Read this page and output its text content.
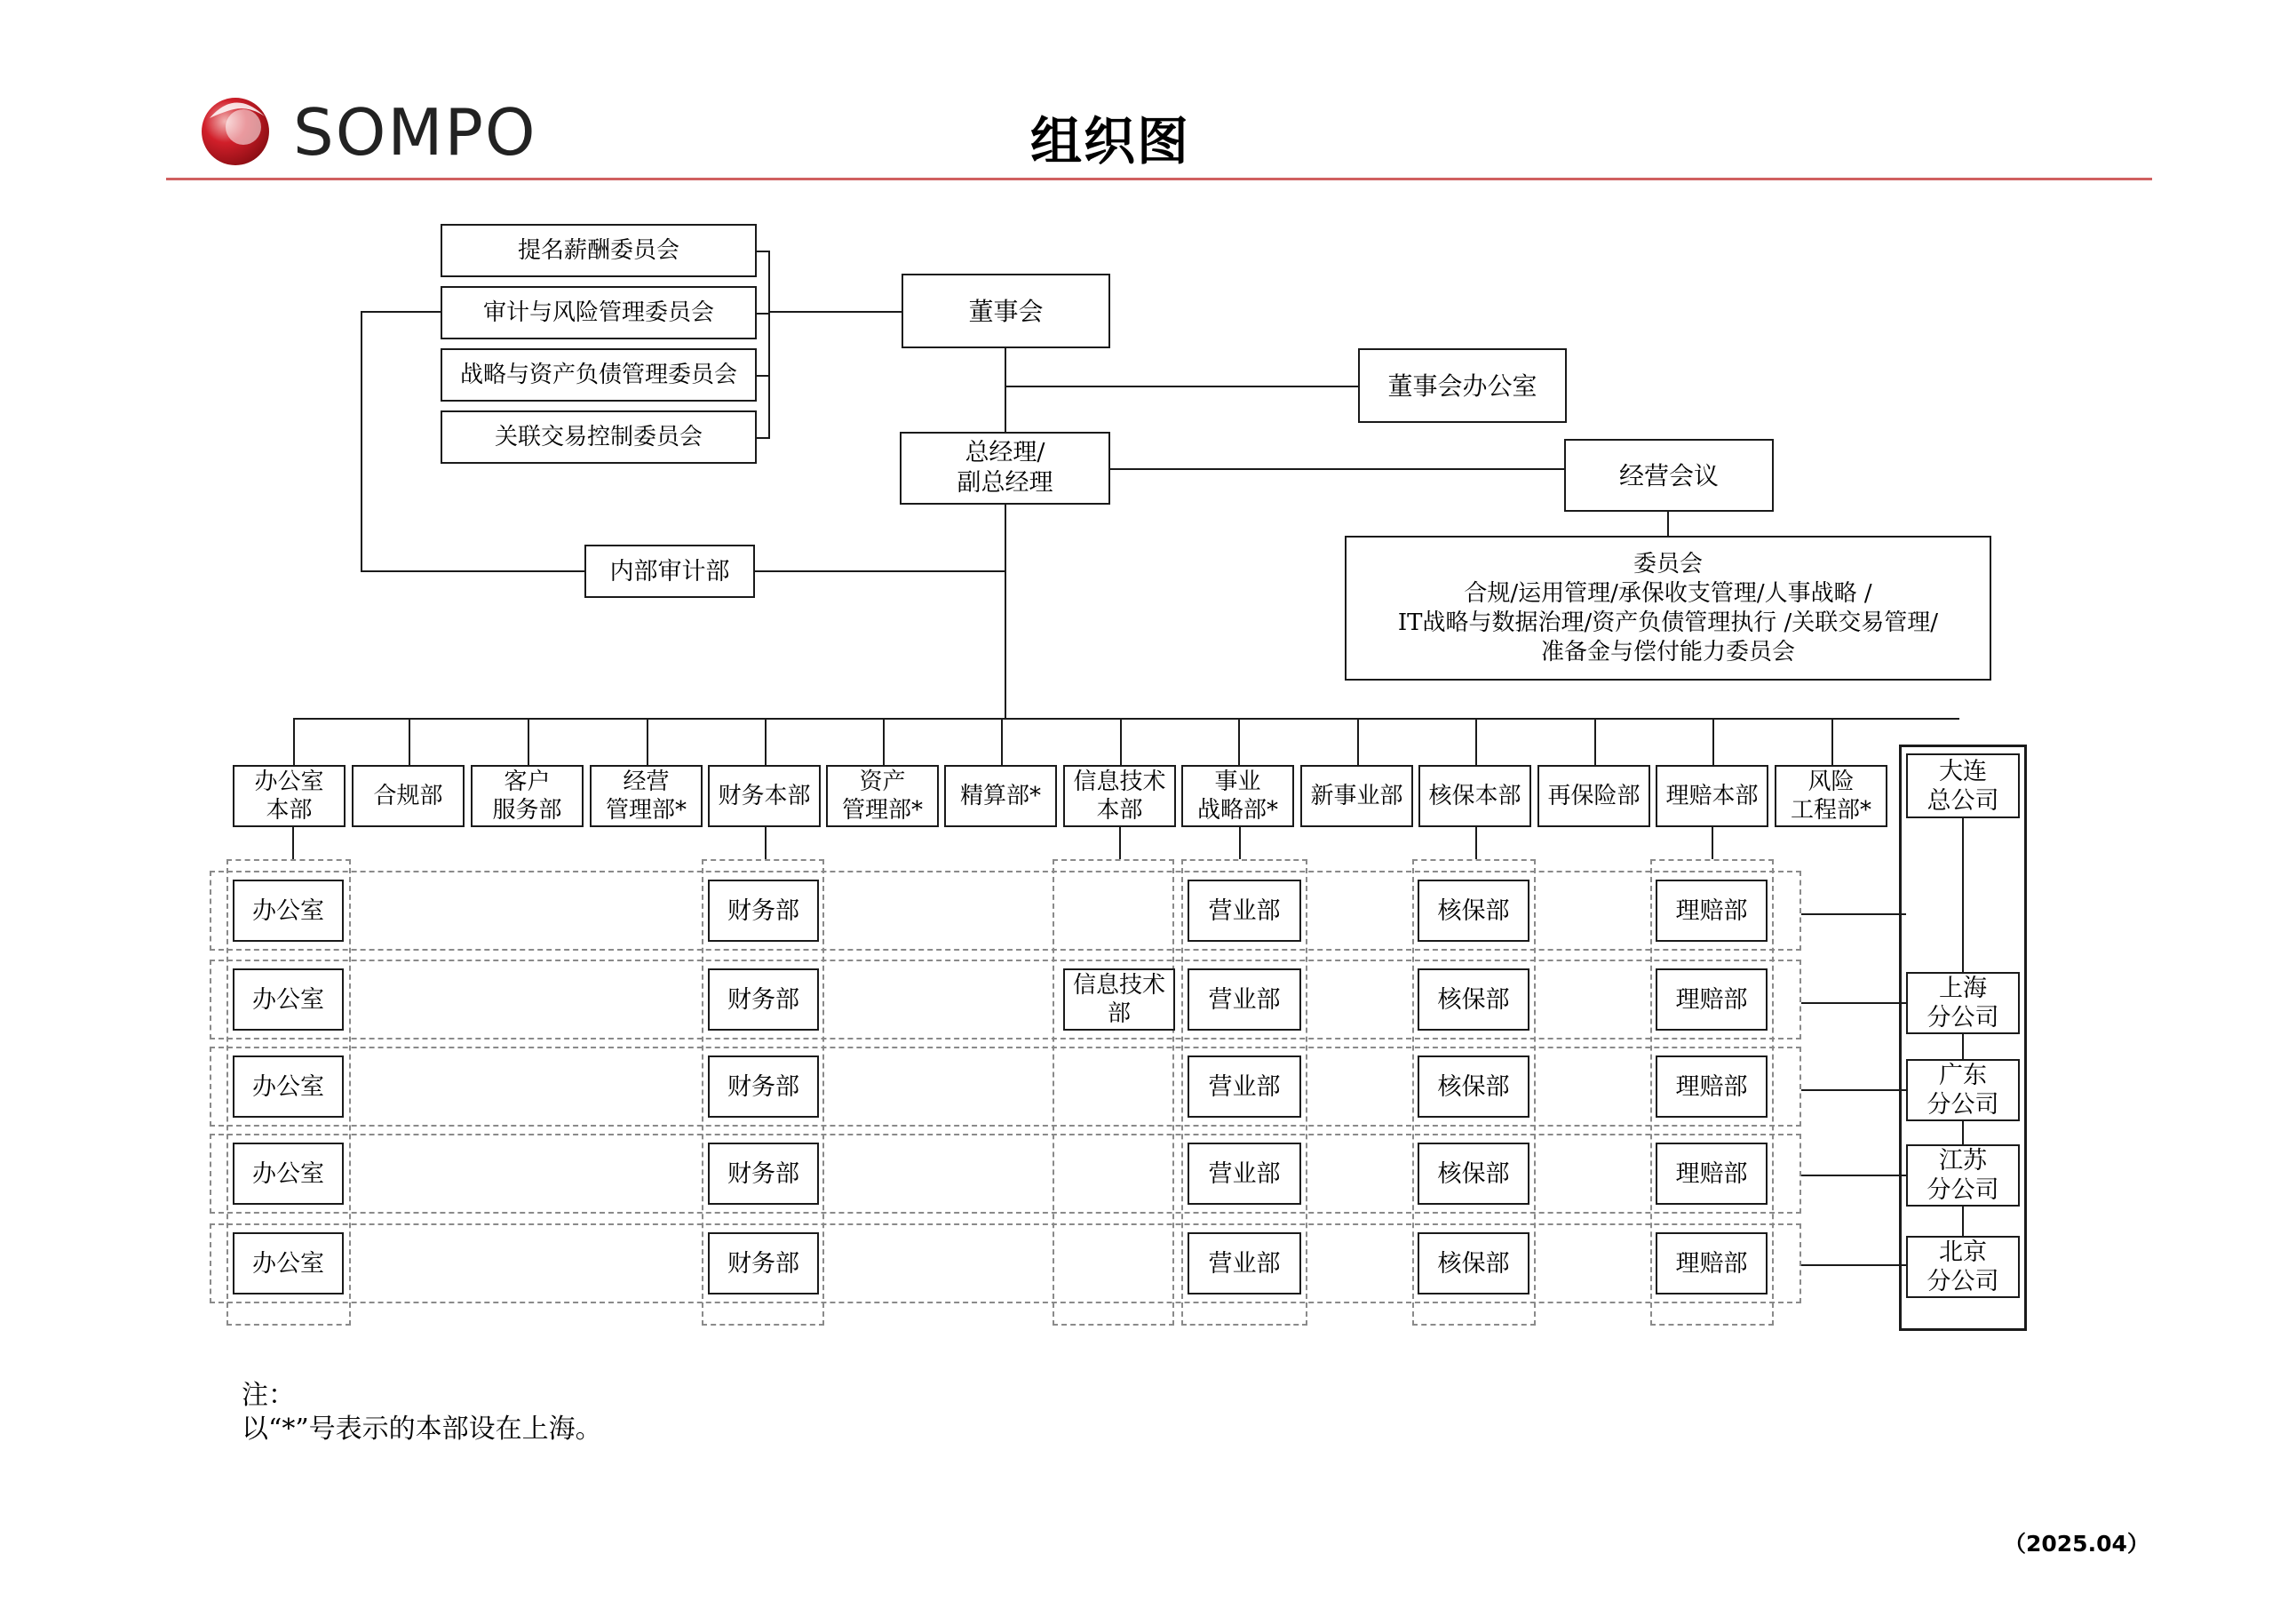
SOMPO	组织图
提名薪酬委员会
审计与风险管理委员会
战略与资产负债管理委员会
关联交易控制委员会
董事会
董事会办公室
总经理/
副总经理	经营会议
委员会
合规/运用管理/承保收支管理/人事战略 /
IT战略与数据治理/资产负债管理执行 /关联交易管理/
准备金与偿付能力委员会
内部审计部
办公室
本部
合规部
客户
服务部
经营
管理部*
财务本部
资产
管理部*
精算部*
信息技术
本部
事业
战略部*
新事业部 核保本部 再保险部 理赔本部
风险
工程部*
办公室	财务部	营业部	核保部	理赔部
办公室	财务部	营业部	核保部	理赔部
办公室	财务部	营业部	核保部	理赔部
办公室	财务部	营业部	核保部	理赔部
办公室	财务部	营业部	核保部	理赔部
信息技术
部
大连
总公司
上海
分公司
广东
分公司
江苏
分公司
北京
分公司
注：
以“*”号表示的本部设在上海。
（2025.04）
